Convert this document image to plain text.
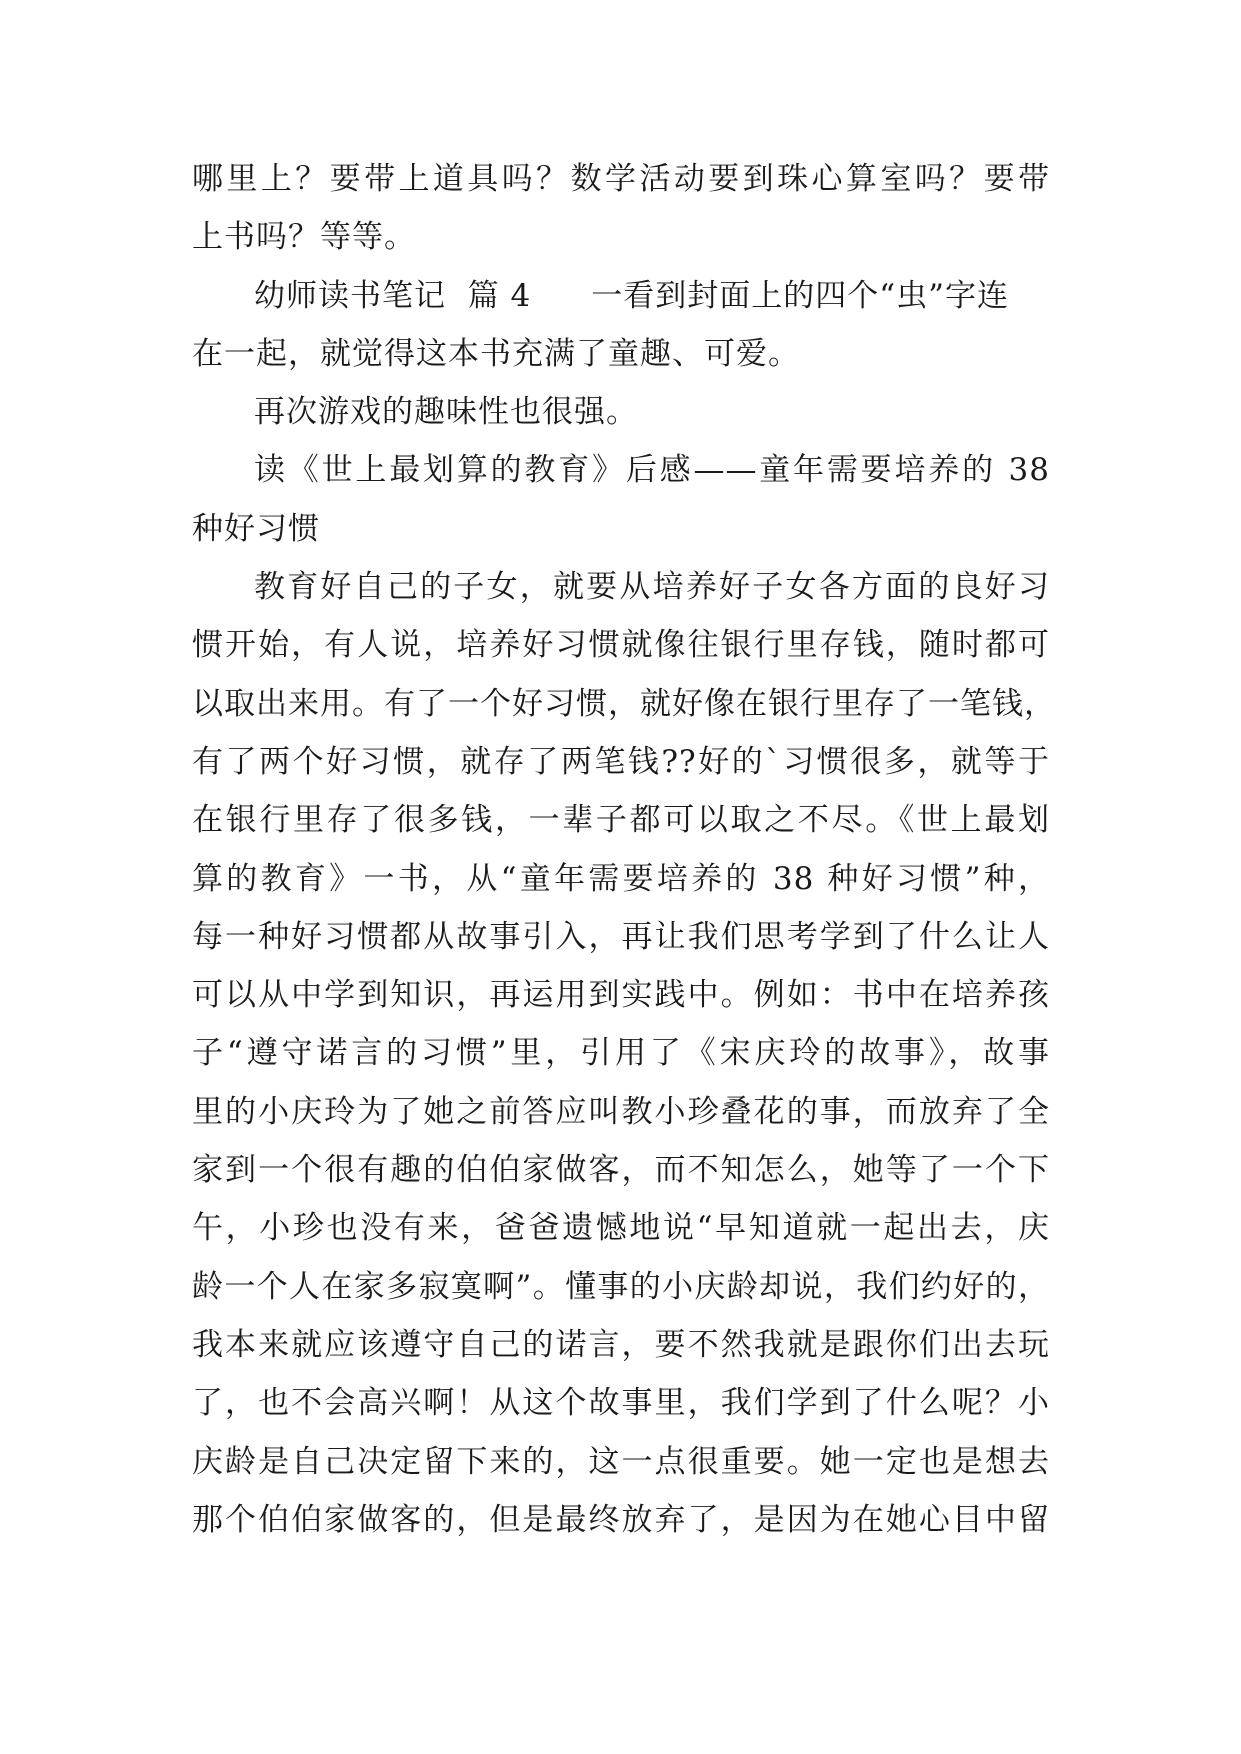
哪里上？要带上道具吗？数学活动要到珠心算室吗？要带
上书吗？等等。
幼师读书笔记  篇 4 一看到封面上的四个“虫”字连
在一起，就觉得这本书充满了童趣、可爱。
再次游戏的趣味性也很强。
读《世上最划算的教育》后感——童年需要培养的 38
种好习惯
教育好自己的子女，就要从培养好子女各方面的良好习
惯开始，有人说，培养好习惯就像往银行里存钱，随时都可
以取出来用。有了一个好习惯，就好像在银行里存了一笔钱，
有了两个好习惯，就存了两笔钱??好的`习惯很多，就等于
在银行里存了很多钱，一辈子都可以取之不尽。《世上最划
算的教育》一书，从“童年需要培养的 38 种好习惯”种，
每一种好习惯都从故事引入，再让我们思考学到了什么让人
可以从中学到知识，再运用到实践中。例如：书中在培养孩
子“遵守诺言的习惯”里，引用了《宋庆玲的故事》，故事
里的小庆玲为了她之前答应叫教小珍叠花的事，而放弃了全
家到一个很有趣的伯伯家做客，而不知怎么，她等了一个下
午，小珍也没有来，爸爸遗憾地说“早知道就一起出去，庆
龄一个人在家多寂寞啊”。懂事的小庆龄却说，我们约好的，
我本来就应该遵守自己的诺言，要不然我就是跟你们出去玩
了，也不会高兴啊！从这个故事里，我们学到了什么呢？小
庆龄是自己决定留下来的，这一点很重要。她一定也是想去
那个伯伯家做客的，但是最终放弃了，是因为在她心目中留
